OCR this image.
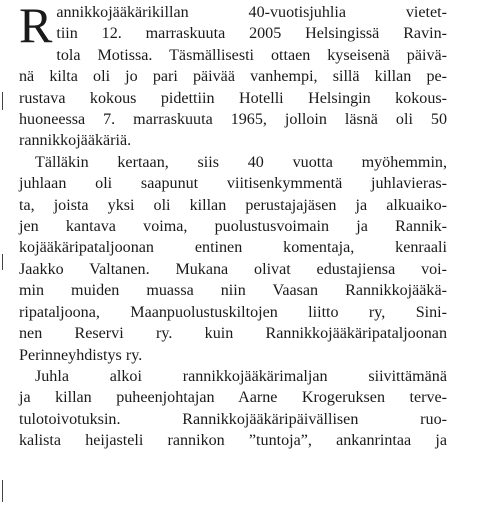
R annikkojääkärikillan 40-vuotisjuhlia vietet-
tiin 12. marraskuuta 2005 Helsingissä Ravin-
tola Motissa. Täsmällisesti ottaen kyseisenä päivä-
nä kilta oli jo pari päivää vanhempi, sillä killan pe-
rustava kokous pidettiin Hotelli Helsingin kokous-
huoneessa 7. marraskuuta 1965, jolloin läsnä oli 50
rannikkojääkäriä.
Tälläkin kertaan, siis 40 vuotta myöhemmin,
juhlaan oli saapunut viitisenkymmentä juhlavieras-
ta, joista yksi oli killan perustajajäsen ja alkuaiko-
jen kantava voima, puolustusvoimain ja Rannik-
kojääkäripataljoonan entinen komentaja, kenraali
Jaakko Valtanen. Mukana olivat edustajiensa voi-
min muiden muassa niin Vaasan Rannikkojääkä-
ripataljoona, Maanpuolustuskiltojen liitto ry, Sini-
nen Reservi ry. kuin Rannikkojääkäripataljoonan
Perinneyhdistys ry.
Juhla alkoi rannikkojääkärimaljan siivittämänä
ja killan puheenjohtajan Aarne Krogeruksen terve-
tulotoivotuksin. Rannikkojääkäripäivällisen ruo-
kalista heijasteli rannikon ”tuntoja”, ankanrintaa ja
